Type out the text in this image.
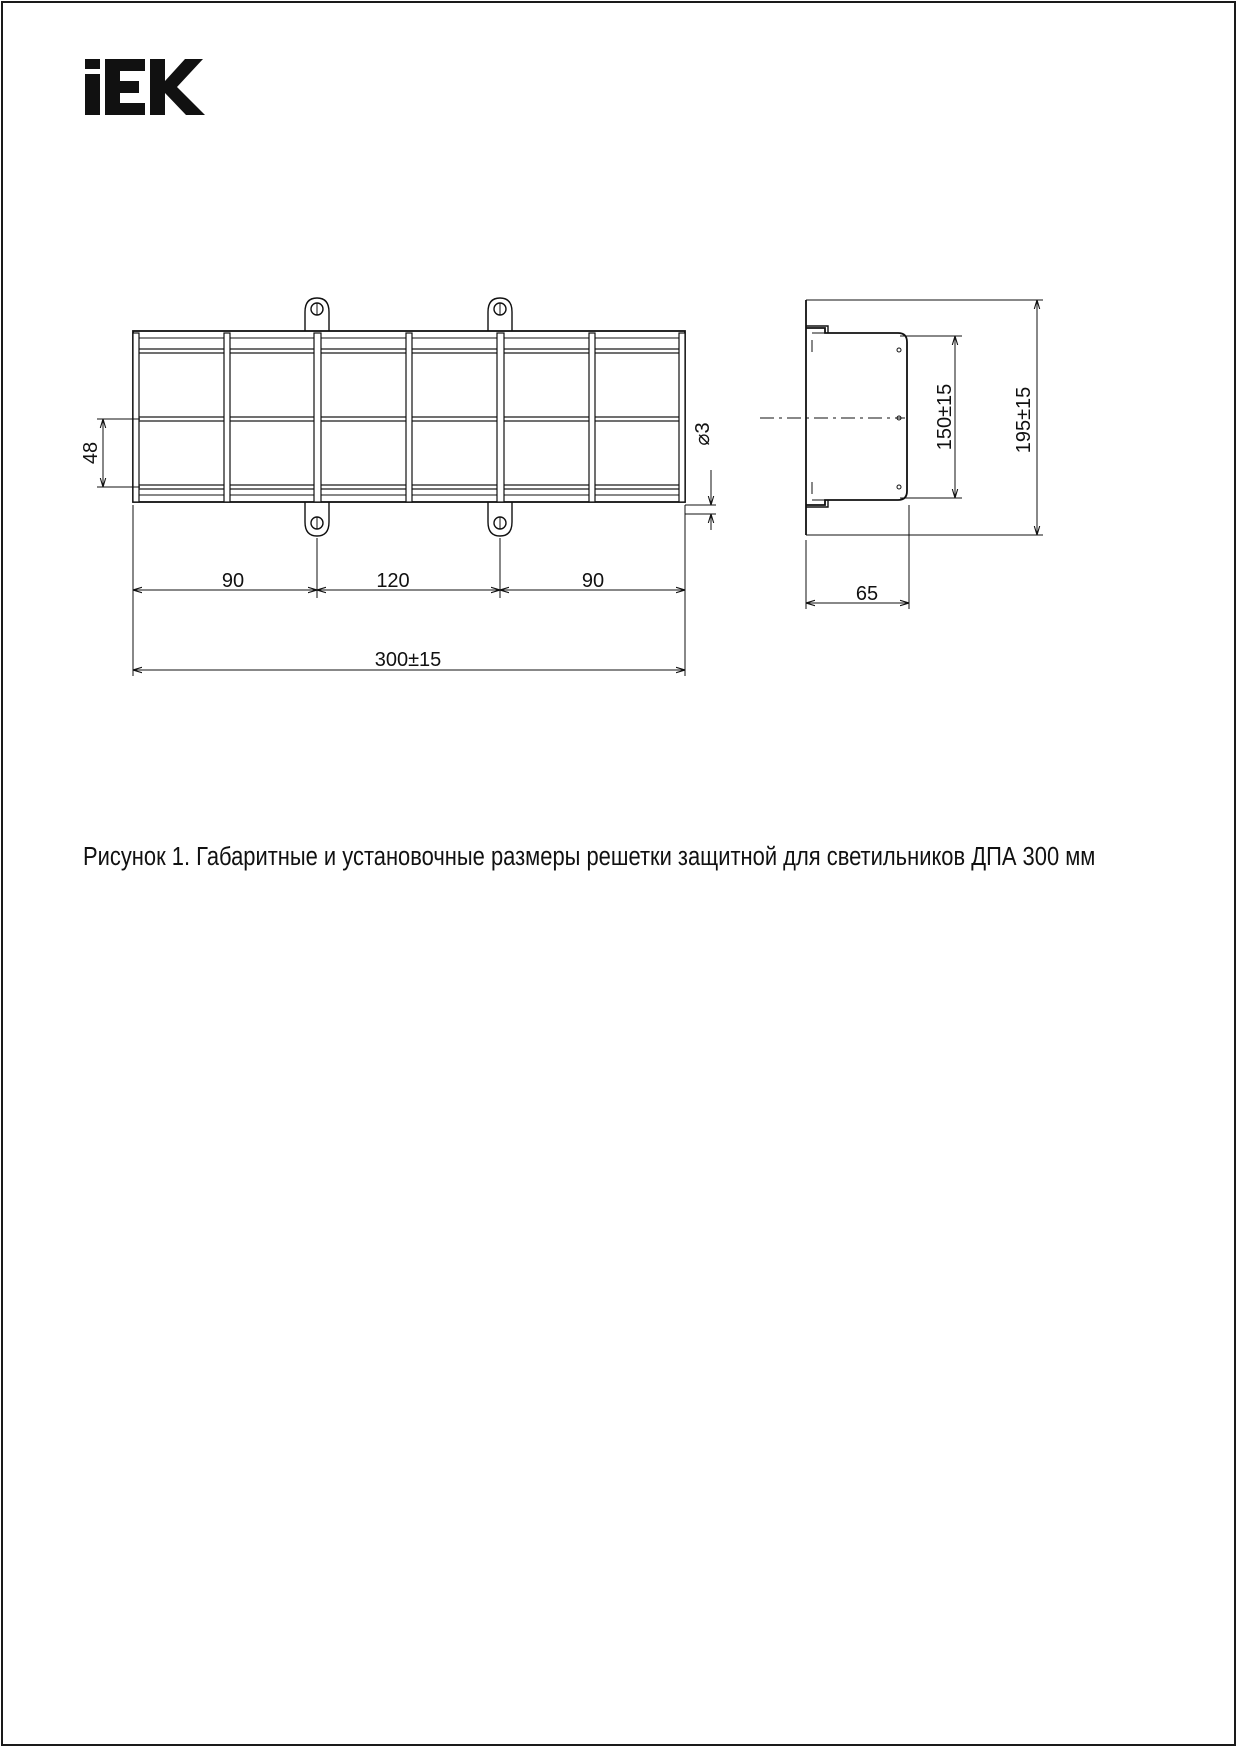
90	120	90
300±15
48
⌀3	150±15	195±15
65

Рисунок 1. Габаритные и установочные размеры решетки защитной для светильников ДПА 300 мм
